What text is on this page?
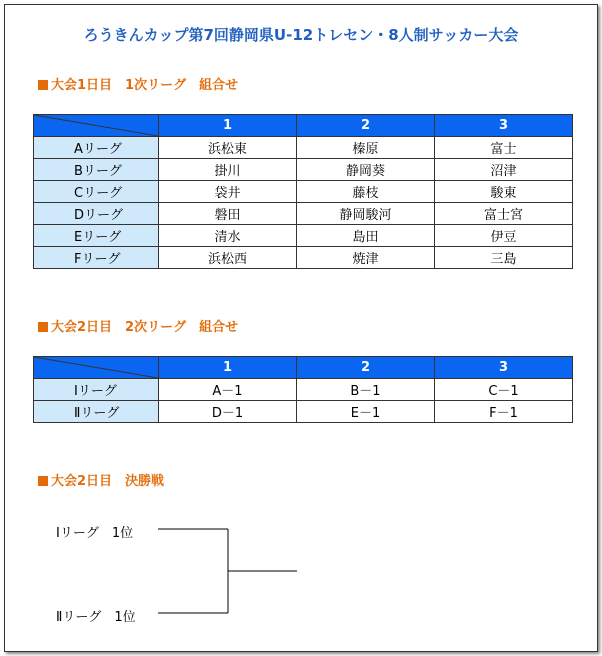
ろうきんカップ第7回静岡県U-12トレセン・8人制サッカー大会
大会1日目　1次リーグ　組合せ
	1	2	3
Aリーグ	浜松東	榛原	富士
Bリーグ	掛川	静岡葵	沼津
Cリーグ	袋井	藤枝	駿東
Dリーグ	磐田	静岡駿河	富士宮
Eリーグ	清水	島田	伊豆
Fリーグ	浜松西	焼津	三島
大会2日目　2次リーグ　組合せ
	1	2	3
Ⅰリーグ	A－1	B－1	C－1
Ⅱリーグ	D－1	E－1	F－1
大会2日目　決勝戦
Ⅰリーグ　1位
Ⅱリーグ　1位
